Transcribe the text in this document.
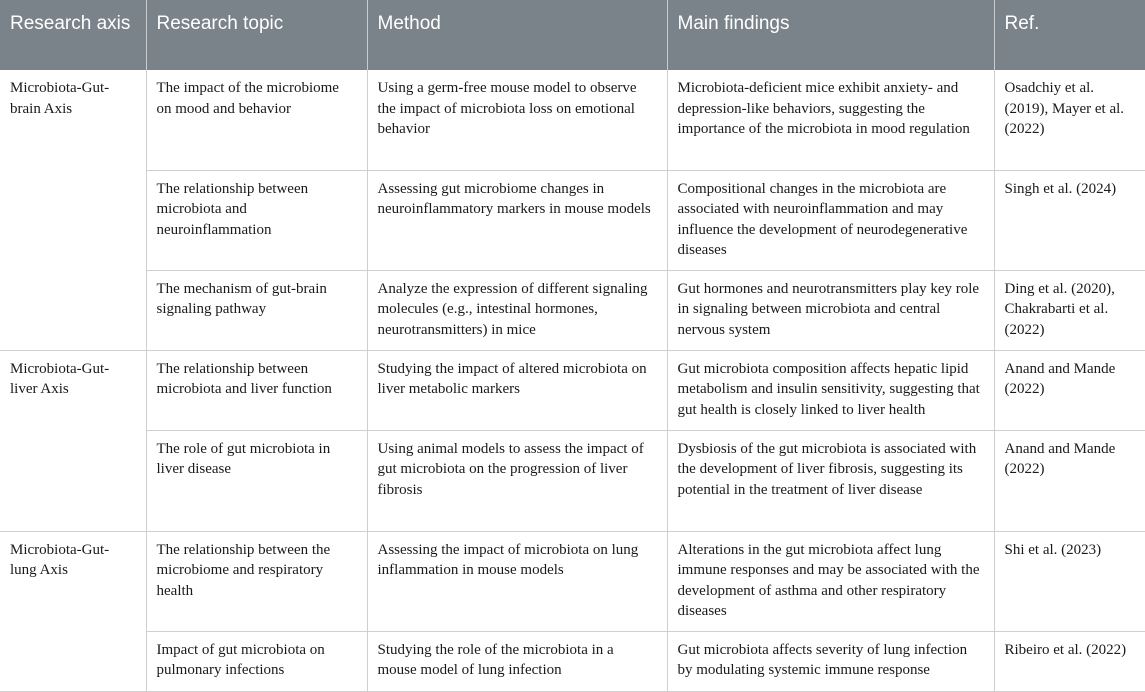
Research axis	Research topic	Method	Main findings	Ref.
Microbiota-Gut-brain Axis	The impact of the microbiome on mood and behavior	Using a germ-free mouse model to observe the impact of microbiota loss on emotional behavior	Microbiota-deficient mice exhibit anxiety- and depression-like behaviors, suggesting the importance of the microbiota in mood regulation	Osadchiy et al. (2019), Mayer et al. (2022)
	The relationship between microbiota and neuroinflammation	Assessing gut microbiome changes in neuroinflammatory markers in mouse models	Compositional changes in the microbiota are associated with neuroinflammation and may influence the development of neurodegenerative diseases	Singh et al. (2024)
	The mechanism of gut-brain signaling pathway	Analyze the expression of different signaling molecules (e.g., intestinal hormones, neurotransmitters) in mice	Gut hormones and neurotransmitters play key role in signaling between microbiota and central nervous system	Ding et al. (2020), Chakrabarti et al. (2022)
Microbiota-Gut-liver Axis	The relationship between microbiota and liver function	Studying the impact of altered microbiota on liver metabolic markers	Gut microbiota composition affects hepatic lipid metabolism and insulin sensitivity, suggesting that gut health is closely linked to liver health	Anand and Mande (2022)
	The role of gut microbiota in liver disease	Using animal models to assess the impact of gut microbiota on the progression of liver fibrosis	Dysbiosis of the gut microbiota is associated with the development of liver fibrosis, suggesting its potential in the treatment of liver disease	Anand and Mande (2022)
Microbiota-Gut-lung Axis	The relationship between the microbiome and respiratory health	Assessing the impact of microbiota on lung inflammation in mouse models	Alterations in the gut microbiota affect lung immune responses and may be associated with the development of asthma and other respiratory diseases	Shi et al. (2023)
	Impact of gut microbiota on pulmonary infections	Studying the role of the microbiota in a mouse model of lung infection	Gut microbiota affects severity of lung infection by modulating systemic immune response	Ribeiro et al. (2022)
